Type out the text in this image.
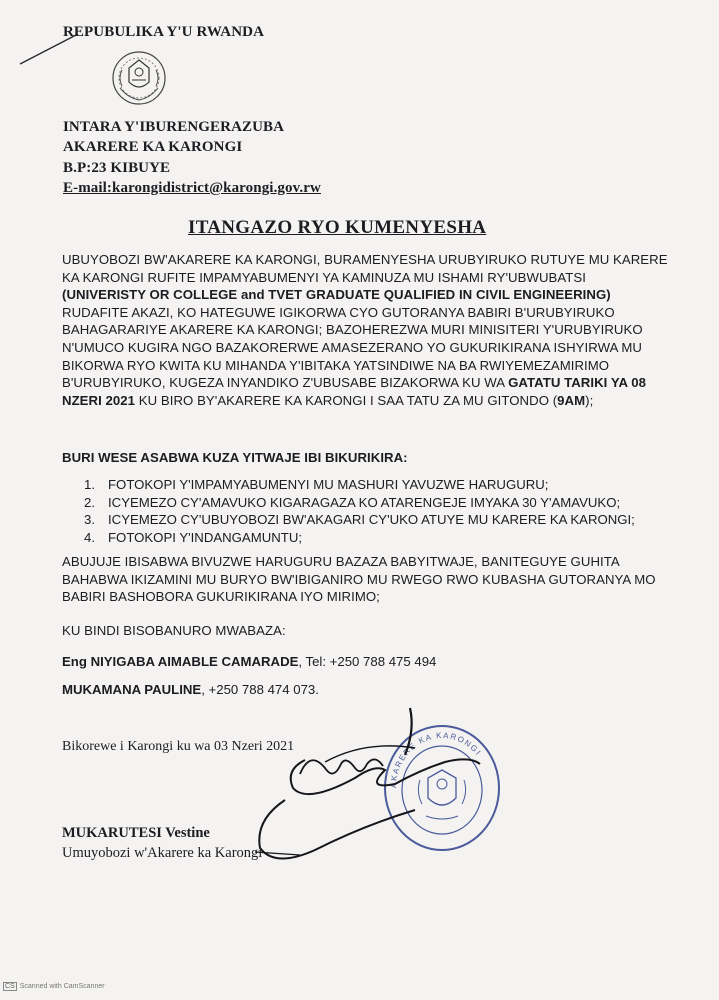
REPUBULIKA Y'U RWANDA
INTARA Y'IBURENGERAZUBA
AKARERE KA KARONGI
B.P:23 KIBUYE
E-mail:karongidistrict@karongi.gov.rw
ITANGAZO RYO KUMENYESHA
UBUYOBOZI BW'AKARERE KA KARONGI, BURAMENYESHA URUBYIRUKO RUTUYE MU KARERE
KA KARONGI RUFITE IMPAMYABUMENYI YA KAMINUZA MU ISHAMI RY'UBWUBATSI
(UNIVERISTY OR COLLEGE and TVET GRADUATE QUALIFIED IN CIVIL ENGINEERING)
RUDAFITE AKAZI, KO HATEGUWE IGIKORWA CYO GUTORANYA BABIRI B'URUBYIRUKO
BAHAGARARIYE AKARERE KA KARONGI; BAZOHEREZWA MURI MINISITERI Y'URUBYIRUKO
N'UMUCO KUGIRA NGO BAZAKORERWE AMASEZERANO YO GUKURIKIRANA ISHYIRWA MU
BIKORWA RYO KWITA KU MIHANDA Y'IBITAKA YATSINDIWE NA BA RWIYEMEZAMIRIMO
B'URUBYIRUKO, KUGEZA INYANDIKO Z'UBUSABE BIZAKORWA KU WA GATATU TARIKI YA 08
NZERI 2021 KU BIRO BY'AKARERE KA KARONGI I SAA TATU ZA MU GITONDO (9AM);
BURI WESE ASABWA KUZA YITWAJE IBI BIKURIKIRA:
1. FOTOKOPI Y'IMPAMYABUMENYI MU MASHURI YAVUZWE HARUGURU;
2. ICYEMEZO CY'AMAVUKO KIGARAGAZA KO ATARENGEJE IMYAKA 30 Y'AMAVUKO;
3. ICYEMEZO CY'UBUYOBOZI BW'AKAGARI CY'UKO ATUYE MU KARERE KA KARONGI;
4. FOTOKOPI Y'INDANGAMUNTU;
ABUJUJE IBISABWA BIVUZWE HARUGURU BAZAZA BABYITWAJE, BANITEGUYE GUHITA
BAHABWA IKIZAMINI MU BURYO BW'IBIGANIRO MU RWEGO RWO KUBASHA GUTORANYA MO
BABIRI BASHOBORA GUKURIKIRANA IYO MIRIMO;
KU BINDI BISOBANURO MWABAZA:
Eng NIYIGABA AIMABLE CAMARADE, Tel: +250 788 475 494
MUKAMANA PAULINE, +250 788 474 073.
Bikorewe i Karongi ku wa 03 Nzeri 2021
AKARERE KA KARONGI
MUKARUTESI Vestine
Umuyobozi w'Akarere ka Karongi
CS Scanned with CamScanner
